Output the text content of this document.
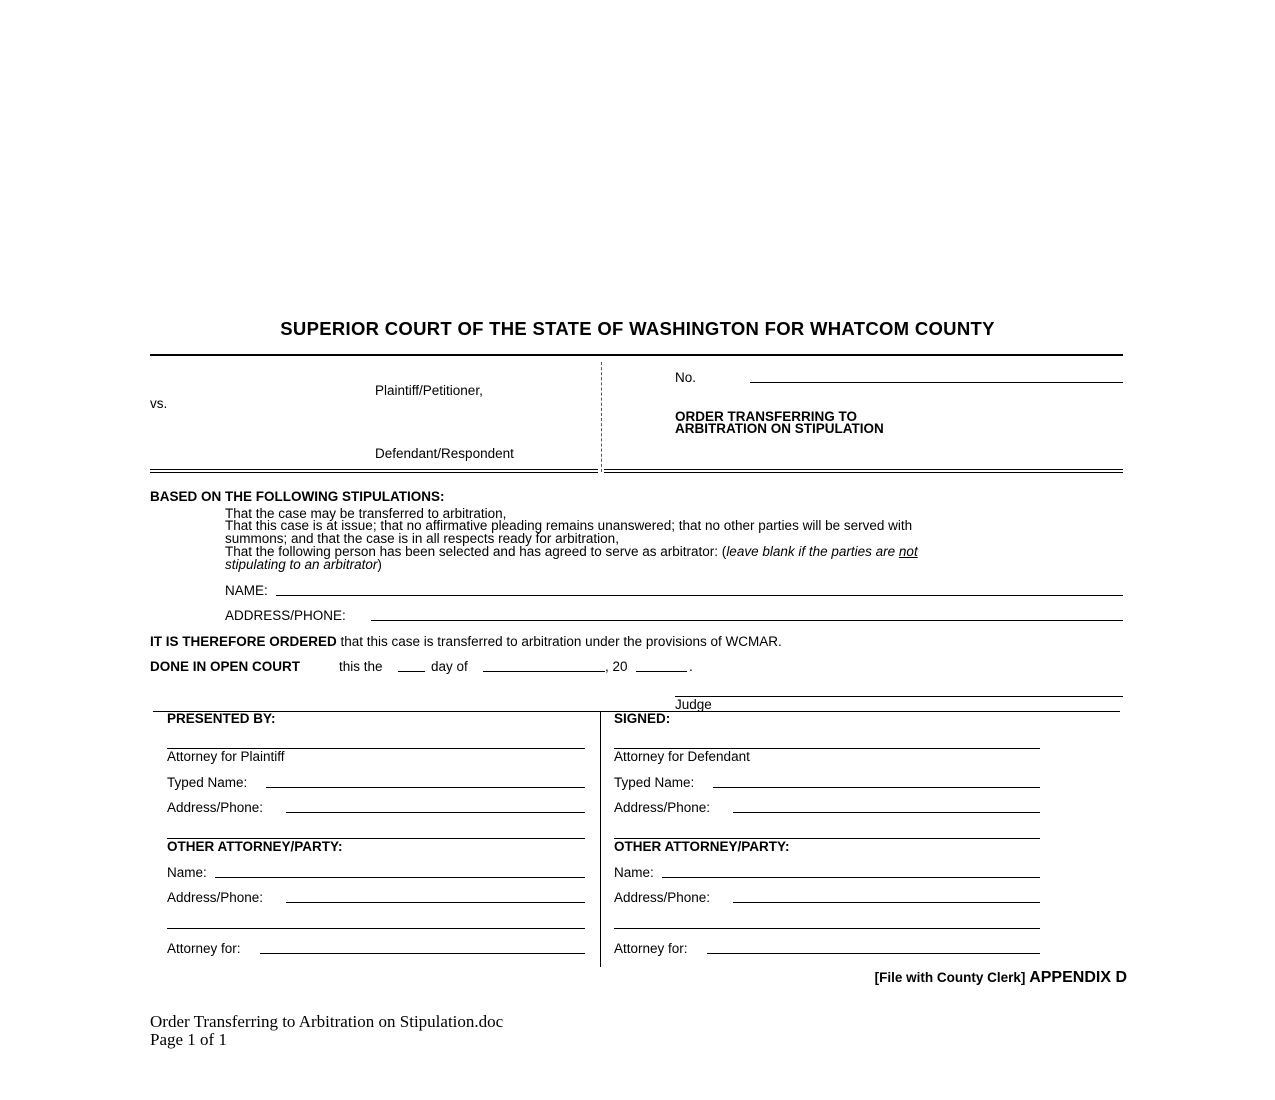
SUPERIOR COURT OF THE STATE OF WASHINGTON FOR WHATCOM COUNTY
Plaintiff/Petitioner,
vs.
Defendant/Respondent
No.
ORDER TRANSFERRING TO
ARBITRATION ON STIPULATION
BASED ON THE FOLLOWING STIPULATIONS:
That the case may be transferred to arbitration,
That this case is at issue; that no affirmative pleading remains unanswered; that no other parties will be served with
summons; and that the case is in all respects ready for arbitration,
That the following person has been selected and has agreed to serve as arbitrator: (leave blank if the parties are not
stipulating to an arbitrator)
NAME:
ADDRESS/PHONE:
IT IS THEREFORE ORDERED that this case is transferred to arbitration under the provisions of WCMAR.
DONE IN OPEN COURT	this the	day of	, 20	.
Judge
PRESENTED BY:
Attorney for Plaintiff
Typed Name:
Address/Phone:
OTHER ATTORNEY/PARTY:
Name:
Address/Phone:
Attorney for:
SIGNED:
Attorney for Defendant
Typed Name:
Address/Phone:
OTHER ATTORNEY/PARTY:
Name:
Address/Phone:
Attorney for:
[File with County Clerk] APPENDIX D
Order Transferring to Arbitration on Stipulation.doc
Page 1 of 1
